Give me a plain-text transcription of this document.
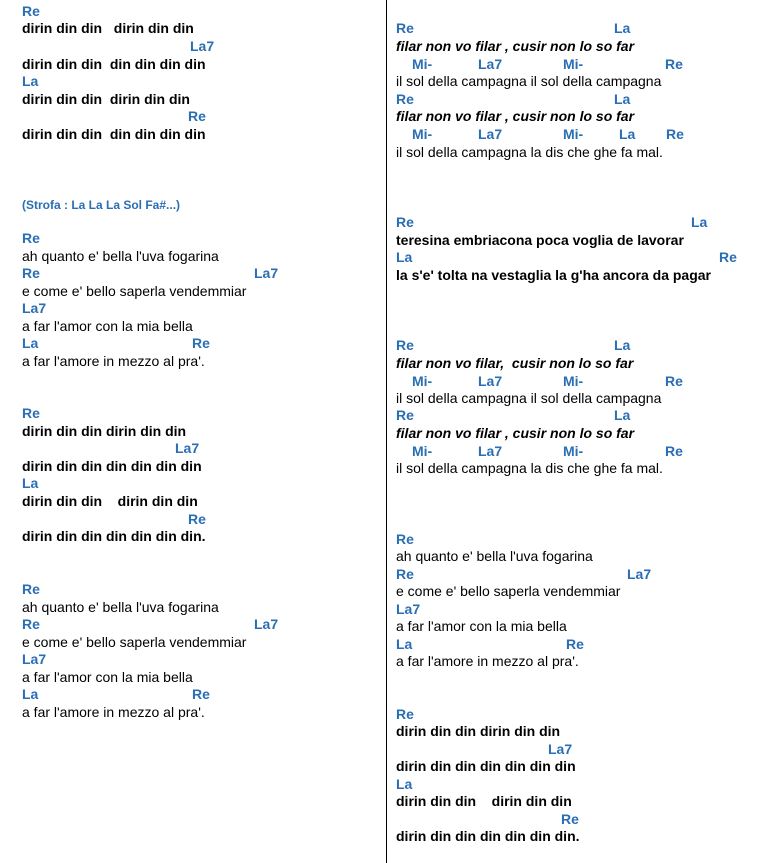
Re
dirin din din   dirin din din
La7
dirin din din  din din din din
La
dirin din din  dirin din din
Re
dirin din din  din din din din
(Strofa : La La La Sol Fa#...)
Re
ah quanto e' bella l'uva fogarina
Re	La7
e come e' bello saperla vendemmiar
La7
a far l'amor con la mia bella
La	Re
a far l'amore in mezzo al pra'.
Re
dirin din din dirin din din
La7
dirin din din din din din din
La
dirin din din    dirin din din
Re
dirin din din din din din din.
Re
ah quanto e' bella l'uva fogarina
Re	La7
e come e' bello saperla vendemmiar
La7
a far l'amor con la mia bella
La	Re
a far l'amore in mezzo al pra'.
Re	La
filar non vo filar , cusir non lo so far
Mi-	La7	Mi-	Re
il sol della campagna il sol della campagna
Re	La
filar non vo filar , cusir non lo so far
Mi-	La7	Mi-	La Re
il sol della campagna la dis che ghe fa mal.
Re	La
teresina embriaconа poca voglia de lavorar
La	Re
la s'e' tolta na vestaglia la g'ha ancora da pagar
Re	La
filar non vo filar,  cusir non lo so far
Mi-	La7	Mi-	Re
il sol della campagna il sol della campagna
Re	La
filar non vo filar , cusir non lo so far
Mi-	La7	Mi-	Re
il sol della campagna la dis che ghe fa mal.
Re
ah quanto e' bella l'uva fogarina
Re	La7
e come e' bello saperla vendemmiar
La7
a far l'amor con la mia bella
La	Re
a far l'amore in mezzo al pra'.
Re
dirin din din dirin din din
La7
dirin din din din din din din
La
dirin din din    dirin din din
Re
dirin din din din din din din.
